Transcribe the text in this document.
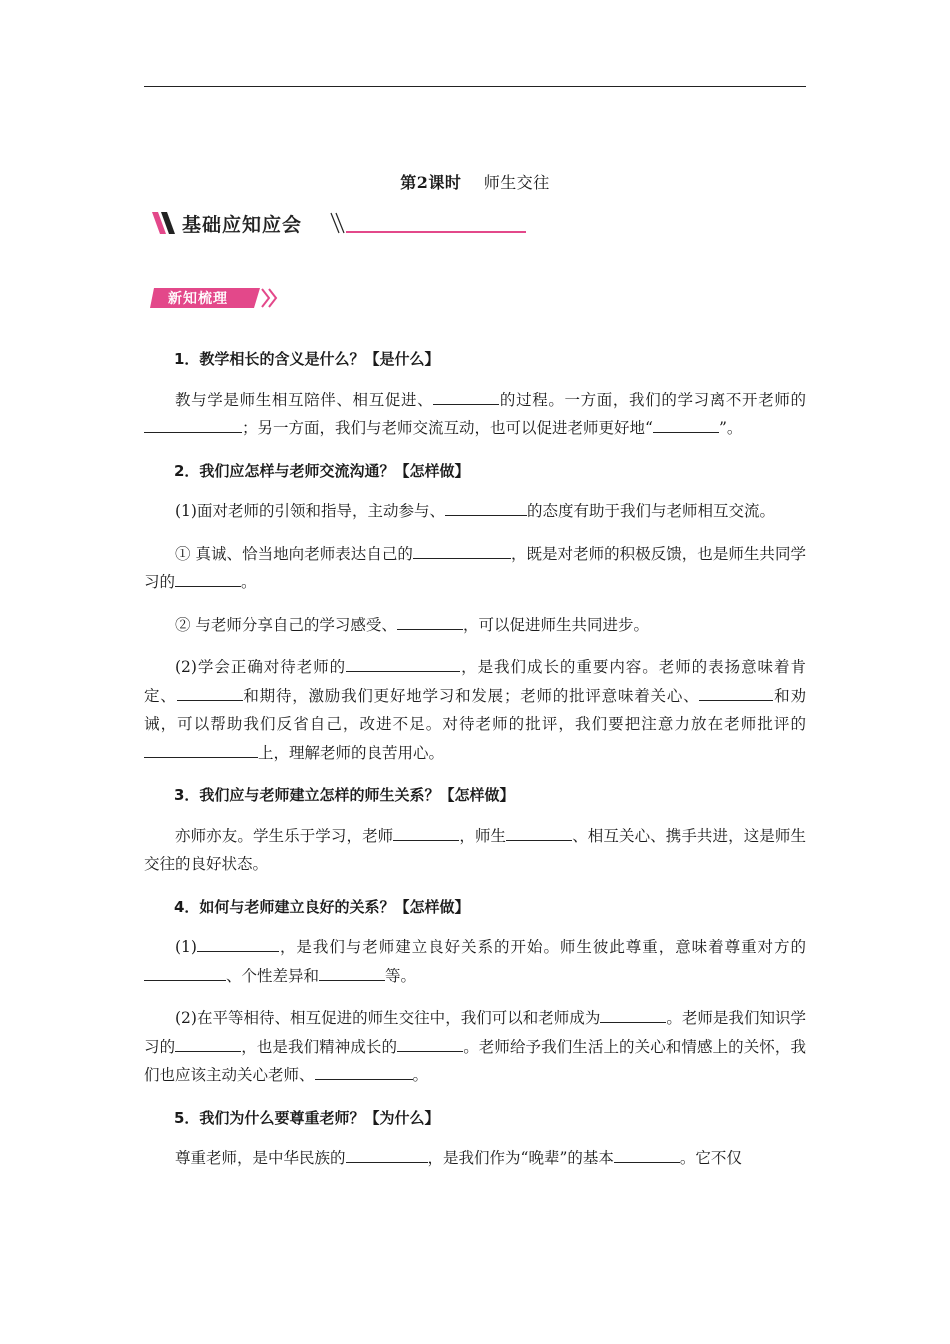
第2课时 师生交往
基础应知应会
新知梳理

1．教学相长的含义是什么？【是什么】

教与学是师生相互陪伴、相互促进、	的过程。一方面，我们的学习离不开老师的；另一方面，我们与老师交流互动，也可以促进老师更好地“	”。

2．我们应怎样与老师交流沟通？【怎样做】

(1)面对老师的引领和指导，主动参与、	的态度有助于我们与老师相互交流。

① 真诚、恰当地向老师表达自己的	，既是对老师的积极反馈，也是师生共同学习的	。

② 与老师分享自己的学习感受、	，可以促进师生共同进步。

(2)学会正确对待老师的	，是我们成长的重要内容。老师的表扬意味着肯定、	和期待，激励我们更好地学习和发展；老师的批评意味着关心、	和劝诫，可以帮助我们反省自己，改进不足。对待老师的批评，我们要把注意力放在老师批评的上，理解老师的良苦用心。

3．我们应与老师建立怎样的师生关系？【怎样做】

亦师亦友。学生乐于学习，老师	，师生	、相互关心、携手共进，这是师生交往的良好状态。

4．如何与老师建立良好的关系？【怎样做】

(1)	，是我们与老师建立良好关系的开始。师生彼此尊重，意味着尊重对方的、个性差异和	等。

(2)在平等相待、相互促进的师生交往中，我们可以和老师成为	。老师是我们知识学习的	，也是我们精神成长的	。老师给予我们生活上的关心和情感上的关怀，我们也应该主动关心老师、	。

5．我们为什么要尊重老师？【为什么】

尊重老师，是中华民族的	，是我们作为“晚辈”的基本	。它不仅
